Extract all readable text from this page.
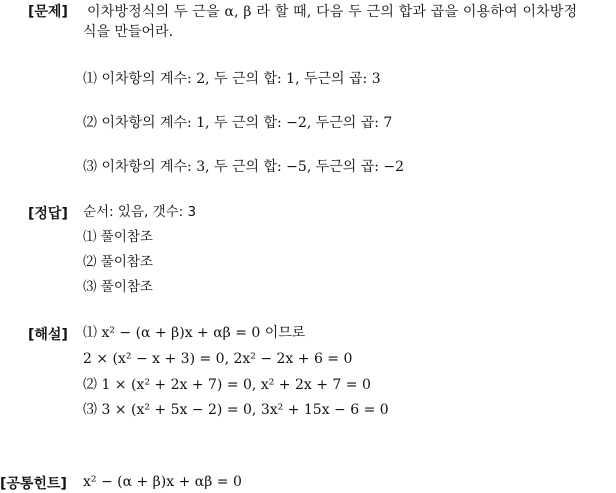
[문제] 이차방정식의 두 근을 α, β 라 할 때, 다음 두 근의 합과 곱을 이용하여 이차방정
식을 만들어라.
⑴ 이차항의 계수: 2, 두 근의 합: 1, 두근의 곱: 3
⑵ 이차항의 계수: 1, 두 근의 합: −2, 두근의 곱: 7
⑶ 이차항의 계수: 3, 두 근의 합: −5, 두근의 곱: −2
[정답] 순서: 있음, 갯수: 3
⑴ 풀이참조
⑵ 풀이참조
⑶ 풀이참조
[해설] ⑴ x² − (α + β)x + αβ = 0 이므로
2 × (x² − x + 3) = 0, 2x² − 2x + 6 = 0
⑵ 1 × (x² + 2x + 7) = 0, x² + 2x + 7 = 0
⑶ 3 × (x² + 5x − 2) = 0, 3x² + 15x − 6 = 0
[공통힌트] x² − (α + β)x + αβ = 0
